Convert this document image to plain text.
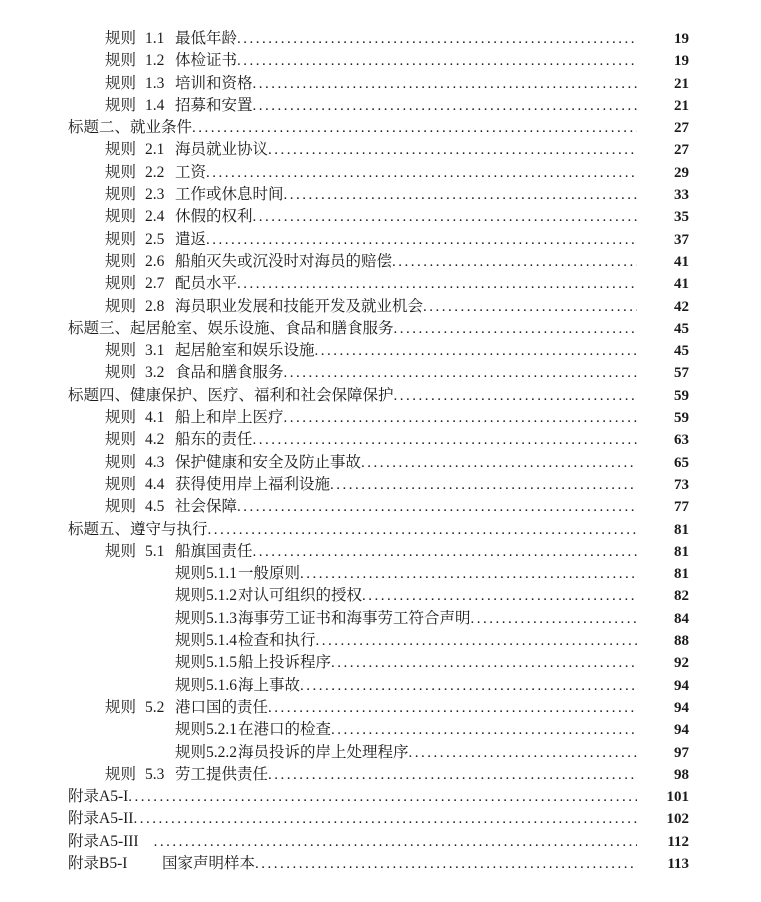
规则 1.1 最低年龄 .....	19
规则 1.2 体检证书 .....	19
规则 1.3 培训和资格 .....	21
规则 1.4 招募和安置 .....	21
标题二、就业条件 .....	27
规则 2.1 海员就业协议 .....	27
规则 2.2 工资 .....	29
规则 2.3 工作或休息时间 .....	33
规则 2.4 休假的权利 .....	35
规则 2.5 遣返 .....	37
规则 2.6 船舶灭失或沉没时对海员的赔偿 .....	41
规则 2.7 配员水平 .....	41
规则 2.8 海员职业发展和技能开发及就业机会 .....	42
标题三、起居舱室、娱乐设施、食品和膳食服务 .....	45
规则 3.1 起居舱室和娱乐设施 .....	45
规则 3.2 食品和膳食服务 .....	57
标题四、健康保护、医疗、福利和社会保障保护 .....	59
规则 4.1 船上和岸上医疗 .....	59
规则 4.2 船东的责任 .....	63
规则 4.3 保护健康和安全及防止事故 .....	65
规则 4.4 获得使用岸上福利设施 .....	73
规则 4.5 社会保障 .....	77
标题五、遵守与执行 .....	81
规则 5.1 船旗国责任 .....	81
规则5.1.1 一般原则 .....	81
规则5.1.2 对认可组织的授权 .....	82
规则5.1.3 海事劳工证书和海事劳工符合声明 .....	84
规则5.1.4 检查和执行 .....	88
规则5.1.5 船上投诉程序 .....	92
规则5.1.6 海上事故 .....	94
规则 5.2 港口国的责任 .....	94
规则5.2.1 在港口的检查 .....	94
规则5.2.2 海员投诉的岸上处理程序 .....	97
规则 5.3 劳工提供责任 .....	98
附录A5-I .....	101
附录A5-II .....	102
附录A5-III .....	112
附录B5-I	国家声明样本 .....	113
